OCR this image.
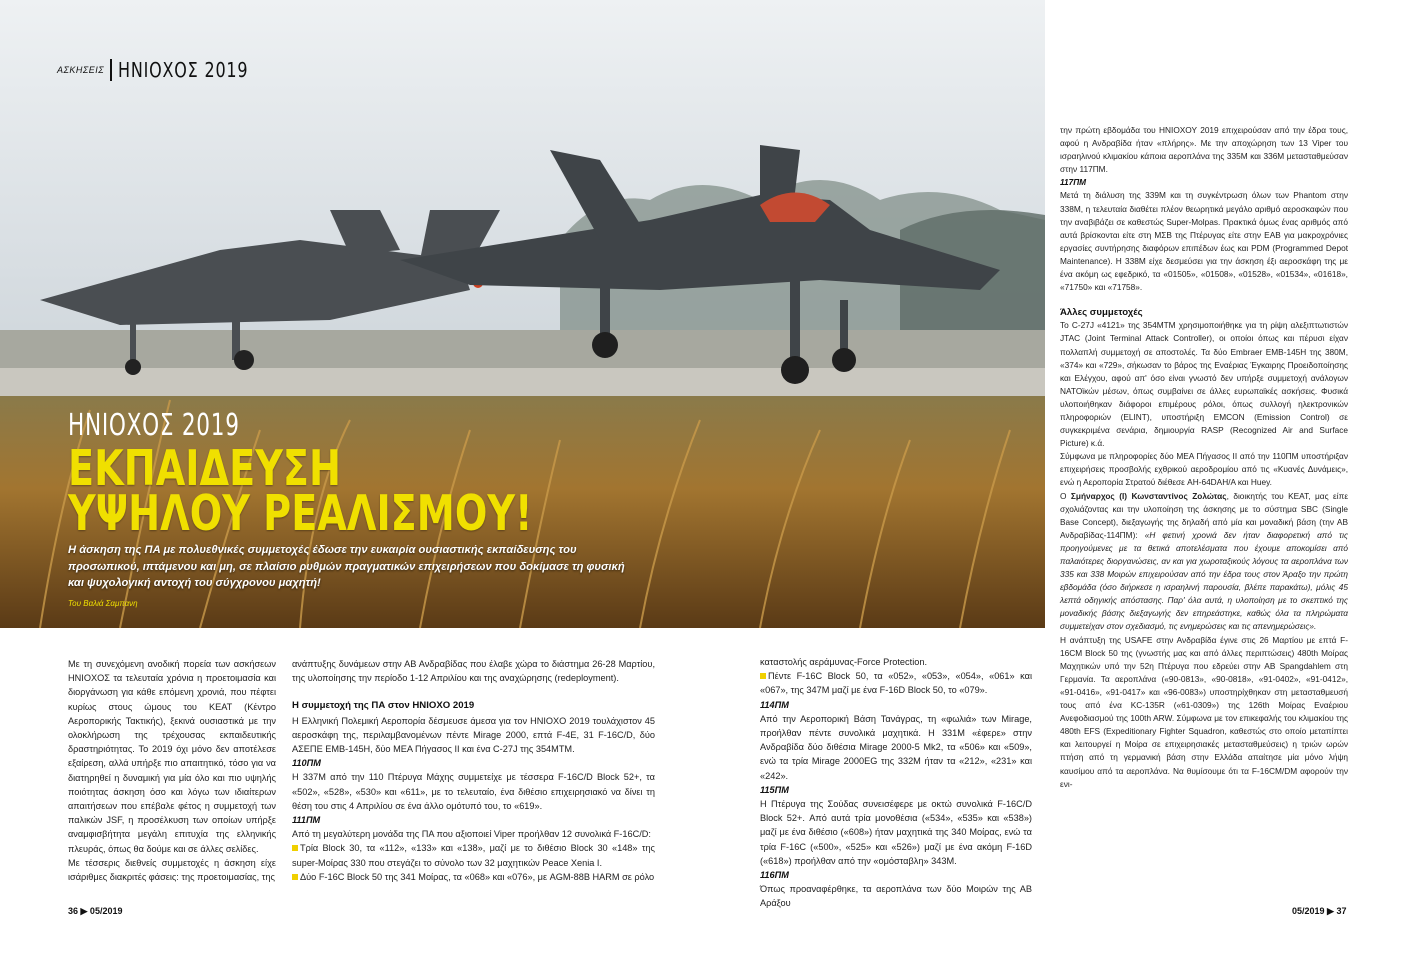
ΑΣΚΗΣΕΙΣ ΗΝΙΟΧΟΣ 2019
ΗΝΙΟΧΟΣ 2019
ΕΚΠΑΙΔΕΥΣΗ
ΥΨΗΛΟΥ ΡΕΑΛΙΣΜΟΥ!
Η άσκηση της ΠΑ με πολυεθνικές συμμετοχές έδωσε την ευκαιρία ουσιαστικής εκπαίδευσης του προσωπικού, ιπτάμενου και μη, σε πλαίσιο ρυθμών πραγματικών επιχειρήσεων που δοκίμασε τη φυσική και ψυχολογική αντοχή του σύγχρονου μαχητή!
Του Βαλιά Σαμπανη

Με τη συνεχόμενη ανοδική πορεία των ασκήσεων ΗΝΙΟΧΟΣ τα τελευταία χρόνια η προετοιμασία και διοργάνωση για κάθε επόμενη χρονιά, που πέφτει κυρίως στους ώμους του ΚΕΑΤ (Κέντρο Αεροπορικής Τακτικής), ξεκινά ουσιαστικά με την ολοκλήρωση της τρέχουσας εκπαιδευτικής δραστηριότητας. Το 2019 όχι μόνο δεν αποτέλεσε εξαίρεση, αλλά υπήρξε πιο απαιτητικό, τόσο για να διατηρηθεί η δυναμική για μία όλο και πιο υψηλής ποιότητας άσκηση όσο και λόγω των ιδιαίτερων απαιτήσεων που επέβαλε φέτος η συμμετοχή των παλικών JSF, η προσέλκυση των οποίων υπήρξε αναμφισβήτητα μεγάλη επιτυχία της ελληνικής πλευράς, όπως θα δούμε και σε άλλες σελίδες.

Με τέσσερις διεθνείς συμμετοχές η άσκηση είχε ισάριθμες διακριτές φάσεις: της προετοιμασίας, της

ανάπτυξης δυνάμεων στην ΑΒ Ανδραβίδας που έλαβε χώρα το διάστημα 26-28 Μαρτίου, της υλοποίησης την περίοδο 1-12 Απριλίου και της αναχώρησης (redeployment).

Η συμμετοχή της ΠΑ στον ΗΝΙΟΧΟ 2019

Η Ελληνική Πολεμική Αεροπορία δέσμευσε άμεσα για τον ΗΝΙΟΧΟ 2019 τουλάχιστον 45 αεροσκάφη της, περιλαμβανομένων πέντε Mirage 2000, επτά F-4E, 31 F-16C/D, δύο ΑΣΕΠΕ EMB-145H, δύο ΜΕΑ Πήγασος ΙΙ και ένα C-27J της 354ΜΤΜ.

110ΠΜ

Η 337Μ από την 110 Πτέρυγα Μάχης συμμετείχε με τέσσερα F-16C/D Block 52+, τα «502», «528», «530» και «611», με το τελευταίο, ένα διθέσιο επιχειρησιακό να δίνει τη θέση του στις 4 Απριλίου σε ένα άλλο ομότυπό του, το «619».

111ΠΜ

Από τη μεγαλύτερη μονάδα της ΠΑ που αξιοποιεί Viper προήλθαν 12 συνολικά F-16C/D:

Τρία Block 30, τα «112», «133» και «138», μαζί με το διθέσιο Block 30 «148» της super-Μοίρας 330 που στεγάζει το σύνολο των 32 μαχητικών Peace Xenia I.

Δύο F-16C Block 50 της 341 Μοίρας, τα «068» και «076», με AGM-88B HARM σε ρόλο

καταστολής αεράμυνας-Force Protection.

Πέντε F-16C Block 50, τα «052», «053», «054», «061» και «067», της 347Μ μαζί με ένα F-16D Block 50, το «079».

114ΠΜ

Από την Αεροπορική Βάση Τανάγρας, τη «φωλιά» των Mirage, προήλθαν πέντε συνολικά μαχητικά. Η 331Μ «έφερε» στην Ανδραβίδα δύο διθέσια Mirage 2000-5 Mk2, τα «506» και «509», ενώ τα τρία Mirage 2000EG της 332Μ ήταν τα «212», «231» και «242».

115ΠΜ

Η Πτέρυγα της Σούδας συνεισέφερε με οκτώ συνολικά F-16C/D Block 52+. Από αυτά τρία μονοθέσια («534», «535» και «538») μαζί με ένα διθέσιο («608») ήταν μαχητικά της 340 Μοίρας, ενώ τα τρία F-16C («500», «525» και «526») μαζί με ένα ακόμη F-16D («618») προήλθαν από την «ομόσταβλη» 343Μ.

116ΠΜ

Όπως προαναφέρθηκε, τα αεροπλάνα των δύο Μοιρών της ΑΒ Αράξου

την πρώτη εβδομάδα του ΗΝΙΟΧΟΥ 2019 επιχειρούσαν από την έδρα τους, αφού η Ανδραβίδα ήταν «πλήρης». Με την αποχώρηση των 13 Viper του ισραηλινού κλιμακίου κάποια αεροπλάνα της 335Μ και 336Μ μετασταθμεύσαν στην 117ΠΜ.

117ΠΜ

Μετά τη διάλυση της 339Μ και τη συγκέντρωση όλων των Phantom στην 338Μ, η τελευταία διαθέτει πλέον θεωρητικά μεγάλο αριθμό αεροσκαφών που την αναβιβάζει σε καθεστώς Super-Molpas. Πρακτικά όμως ένας αριθμός από αυτά βρίσκονται είτε στη ΜΣΒ της Πτέρυγας είτε στην ΕΑΒ για μακροχρόνιες εργασίες συντήρησης διαφόρων επιπέδων έως και PDM (Programmed Depot Maintenance). Η 338Μ είχε δεσμεύσει για την άσκηση έξι αεροσκάφη της με ένα ακόμη ως εφεδρικό, τα «01505», «01508», «01528», «01534», «01618», «71750» και «71758».

Άλλες συμμετοχές

Το C-27J «4121» της 354ΜΤΜ χρησιμοποιήθηκε για τη ρίψη αλεξιπτωτιστών JTAC (Joint Terminal Attack Controller), οι οποίοι όπως και πέρυσι είχαν πολλαπλή συμμετοχή σε αποστολές. Τα δύο Embraer EMB-145H της 380Μ, «374» και «729», σήκωσαν το βάρος της Εναέριας Έγκαιρης Προειδοποίησης και Ελέγχου, αφού απ' όσο είναι γνωστό δεν υπήρξε συμμετοχή ανάλογων ΝΑΤΟϊκών μέσων, όπως συμβαίνει σε άλλες ευρωπαϊκές ασκήσεις. Φυσικά υλοποιήθηκαν διάφοροι επιμέρους ρόλοι, όπως συλλογή ηλεκτρονικών πληροφοριών (ELINT), υποστήριξη EMCON (Emission Control) σε συγκεκριμένα σενάρια, δημιουργία RASP (Recognized Air and Surface Picture) κ.ά.

Σύμφωνα με πληροφορίες δύο ΜΕΑ Πήγασος ΙΙ από την 110ΠΜ υποστήριξαν επιχειρήσεις προσβολής εχθρικού αεροδρομίου από τις «Κυανές Δυνάμεις», ενώ η Αεροπορία Στρατού διέθεσε AH-64DAH/A και Huey.

Ο Σμήναρχος (Ι) Κωνσταντίνος Ζολώτας, διοικητής του ΚΕΑΤ, μας είπε σχολιάζοντας και την υλοποίηση της άσκησης με το σύστημα SBC (Single Base Concept), διεξαγωγής της δηλαδή από μία και μοναδική βάση (την ΑΒ Ανδραβίδας-114ΠΜ): «Η φετινή χρονιά δεν ήταν διαφορετική από τις προηγούμενες με τα θετικά αποτελέσματα που έχουμε αποκομίσει από παλαιότερες διοργανώσεις, αν και για χωροταξικούς λόγους τα αεροπλάνα των 335 και 338 Μοιρών επιχειρούσαν από την έδρα τους στον Άραξο την πρώτη εβδομάδα (όσο διήρκεσε η ισραηλινή παρουσία, βλέπε παρακάτω), μόλις 45 λεπτά οδηγικής απόστασης. Παρ' όλα αυτά, η υλοποίηση με το σκεπτικό της μοναδικής βάσης διεξαγωγής δεν επηρεάστηκε, καθώς όλα τα πληρώματα συμμετείχαν στον σχεδιασμό, τις ενημερώσεις και τις απενημερώσεις».

Η ανάπτυξη της USAFE στην Ανδραβίδα έγινε στις 26 Μαρτίου με επτά F-16CM Block 50 της (γνωστής μας και από άλλες περιπτώσεις) 480th Μοίρας Μαχητικών υπό την 52η Πτέρυγα που εδρεύει στην ΑΒ Spangdahlem στη Γερμανία. Τα αεροπλάνα («90-0813», «90-0818», «91-0402», «91-0412», «91-0416», «91-0417» και «96-0083») υποστηρίχθηκαν στη μετασταθμευσή τους από ένα KC-135R («61-0309») της 126th Μοίρας Εναέριου Ανεφοδιασμού της 100th ARW. Σύμφωνα με τον επικεφαλής του κλιμακίου της 480th EFS (Expeditionary Fighter Squadron, καθεστώς στο οποίο μεταπίπτει και λειτουργεί η Μοίρα σε επιχειρησιακές μετασταθμεύσεις) η τριών ωρών πτήση από τη γερμανική βάση στην Ελλάδα απαίτησε μία μόνο λήψη καυσίμου από τα αεροπλάνα. Να θυμίσουμε ότι τα F-16CM/DM αφορούν την ενι-

36 ▶ 05/2019	05/2019 ▶ 37
